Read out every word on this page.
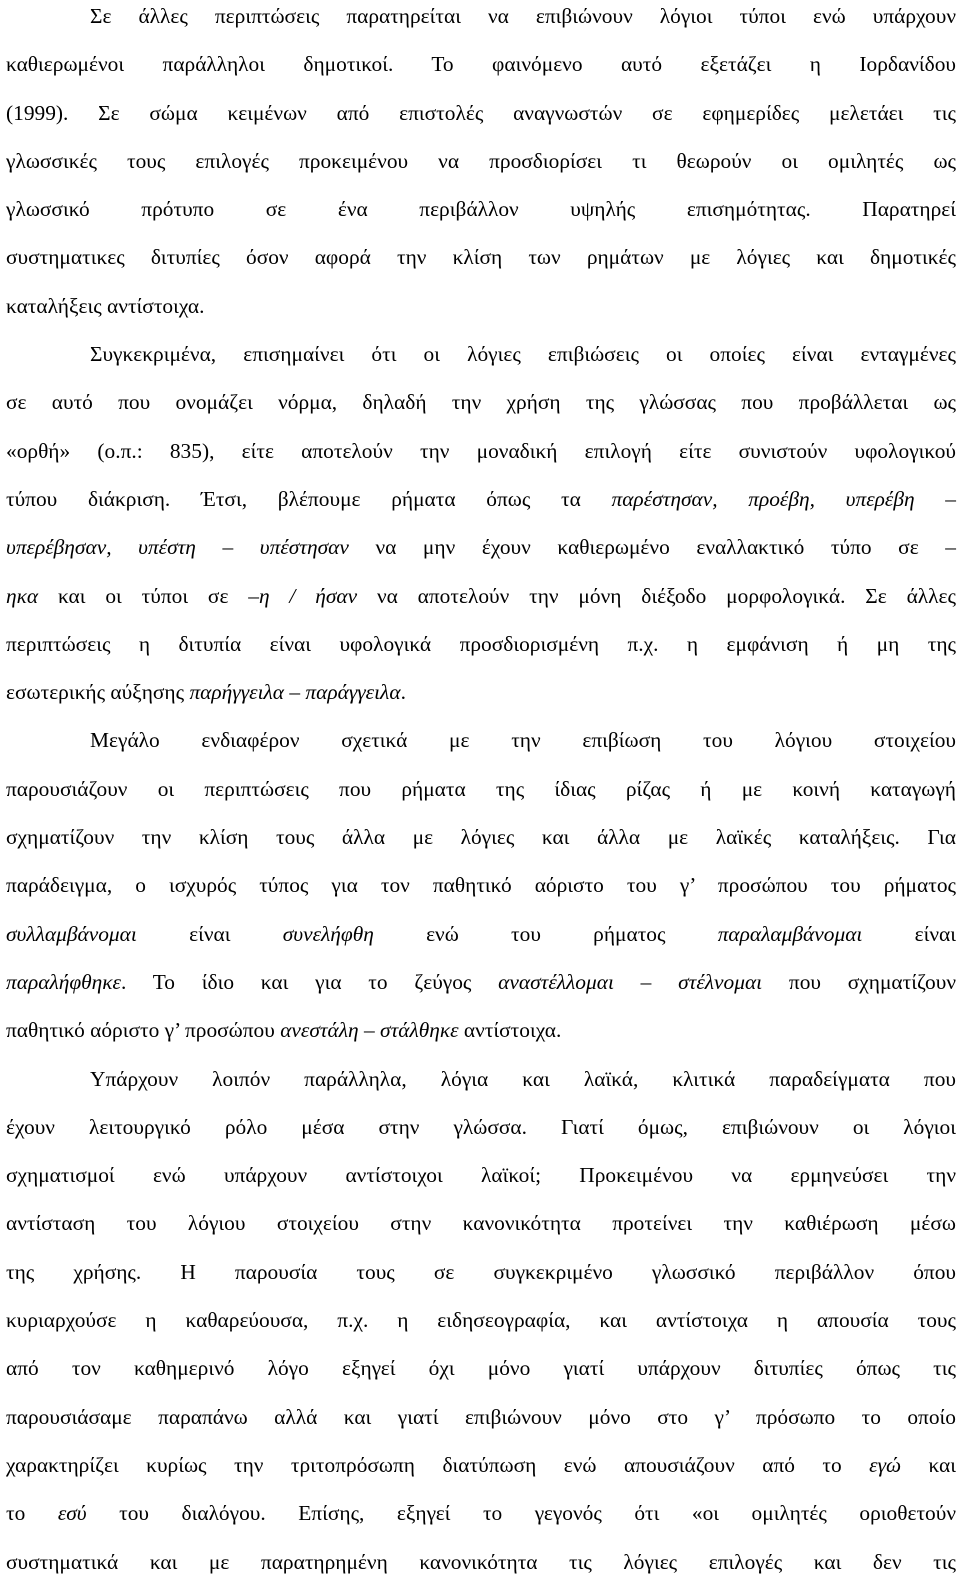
Σε άλλες περιπτώσεις παρατηρείται να επιβιώνουν λόγιοι τύποι ενώ υπάρχουν
καθιερωμένοι παράλληλοι δημοτικοί. Το φαινόμενο αυτό εξετάζει η Ιορδανίδου
(1999). Σε σώμα κειμένων από επιστολές αναγνωστών σε εφημερίδες μελετάει τις
γλωσσικές τους επιλογές προκειμένου να προσδιορίσει τι θεωρούν οι ομιλητές ως
γλωσσικό πρότυπο σε ένα περιβάλλον υψηλής επισημότητας. Παρατηρεί
συστηματικες διτυπίες όσον αφορά την κλίση των ρημάτων με λόγιες και δημοτικές
καταλήξεις αντίστοιχα.
Συγκεκριμένα, επισημαίνει ότι οι λόγιες επιβιώσεις οι οποίες είναι ενταγμένες
σε αυτό που ονομάζει νόρμα, δηλαδή την χρήση της γλώσσας που προβάλλεται ως
«ορθή» (ο.π.: 835), είτε αποτελούν την μοναδική επιλογή είτε συνιστούν υφολογικού
τύπου διάκριση. Έτσι, βλέπουμε ρήματα όπως τα παρέστησαν, προέβη, υπερέβη –
υπερέβησαν, υπέστη – υπέστησαν να μην έχουν καθιερωμένο εναλλακτικό τύπο σε –
ηκα και οι τύποι σε –η / ήσαν να αποτελούν την μόνη διέξοδο μορφολογικά. Σε άλλες
περιπτώσεις η διτυπία είναι υφολογικά προσδιορισμένη π.χ. η εμφάνιση ή μη της
εσωτερικής αύξησης παρήγγειλα – παράγγειλα.
Μεγάλο ενδιαφέρον σχετικά με την επιβίωση του λόγιου στοιχείου
παρουσιάζουν οι περιπτώσεις που ρήματα της ίδιας ρίζας ή με κοινή καταγωγή
σχηματίζουν την κλίση τους άλλα με λόγιες και άλλα με λαϊκές καταλήξεις. Για
παράδειγμα, ο ισχυρός τύπος για τον παθητικό αόριστο του γ’ προσώπου του ρήματος
συλλαμβάνομαι είναι συνελήφθη ενώ του ρήματος παραλαμβάνομαι είναι
παραλήφθηκε. Το ίδιο και για το ζεύγος αναστέλλομαι – στέλνομαι που σχηματίζουν
παθητικό αόριστο γ’ προσώπου ανεστάλη – στάλθηκε αντίστοιχα.
Υπάρχουν λοιπόν παράλληλα, λόγια και λαϊκά, κλιτικά παραδείγματα που
έχουν λειτουργικό ρόλο μέσα στην γλώσσα. Γιατί όμως, επιβιώνουν οι λόγιοι
σχηματισμοί ενώ υπάρχουν αντίστοιχοι λαϊκοί; Προκειμένου να ερμηνεύσει την
αντίσταση του λόγιου στοιχείου στην κανονικότητα προτείνει την καθιέρωση μέσω
της χρήσης. Η παρουσία τους σε συγκεκριμένο γλωσσικό περιβάλλον όπου
κυριαρχούσε η καθαρεύουσα, π.χ. η ειδησεογραφία, και αντίστοιχα η απουσία τους
από τον καθημερινό λόγο εξηγεί όχι μόνο γιατί υπάρχουν διτυπίες όπως τις
παρουσιάσαμε παραπάνω αλλά και γιατί επιβιώνουν μόνο στο γ’ πρόσωπο το οποίο
χαρακτηρίζει κυρίως την τριτοπρόσωπη διατύπωση ενώ απουσιάζουν από το εγώ και
το εσύ του διαλόγου. Επίσης, εξηγεί το γεγονός ότι «οι ομιλητές οριοθετούν
συστηματικά και με παρατηρημένη κανονικότητα τις λόγιες επιλογές και δεν τις
